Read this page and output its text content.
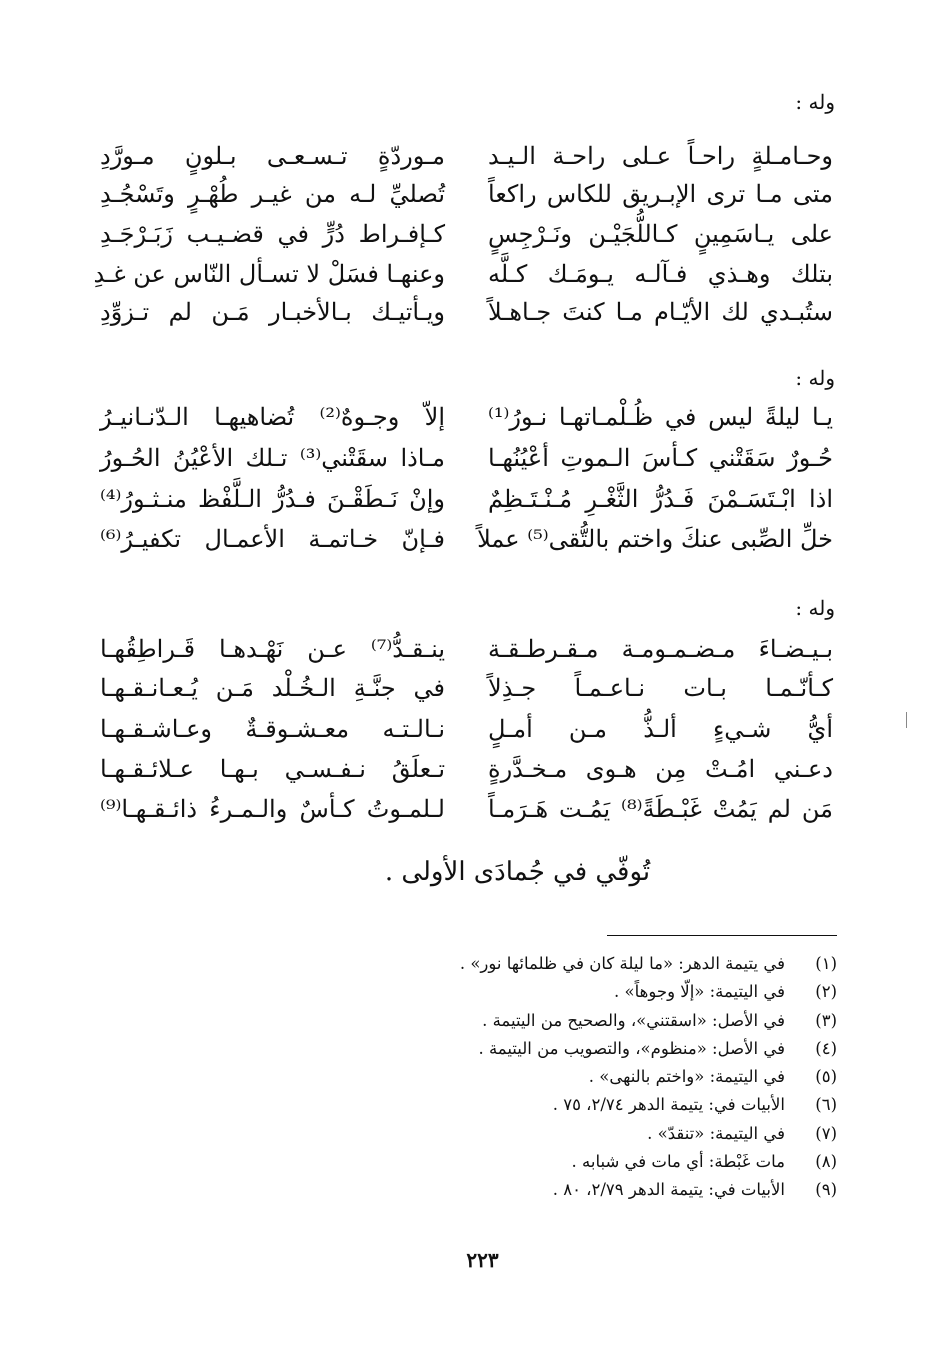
وله :
وحـامـلةٍ راحـاً عـلى راحـة الـيـد
مـوردّةٍ تـسـعـى بـلونٍ مـورَّدِ
متى مـا ترى الإبـريق للكاس راكعاً
تُصليِّ لـه من غيـر طُهْـرٍ وتَسْجُـدِ
على يـاسَمِينٍ كـاللُّجَيْـن ونَـرْجِسٍ
كـإفـراط دُرٍّ في قضـيـب زَبَـرْجَـدِ
بتلك وهـذي فـآلـه يـومَـك كـلَّه
وعنهـا فسَلْ لا تسـأل النّاس عن غـدِ
ستُبـدي لك الأيّـام مـا كنتَ جـاهـلاً
ويـأتيـك بـالأخبـار مَـن لم تـزوِّدِ
وله :
يـا ليلةً ليس في ظُـلْمـاتهـا نـورُ⁽¹⁾
إلاّ وجـوهٌ⁽²⁾ تُضاهيهـا الـدّنـانيـرُ
حُـورٌ سَقَتْني كـأسَ الـموتِ أعْيُنُهـا
مـاذا سقَتْني⁽³⁾ تـلك الأعْيُنُ الحُـورُ
اذا ابْـتَسَـمْنَ فَـدُرُّ الثَّغْـرِ مُـنْـتَـظِمٌ
وإنْ نَـطَقْـنَ فـدُرُّ الـلَّفْظ منـثـورُ⁽⁴⁾
خلِّ الصِّبى عنكَ واختم بالتُّقى⁽⁵⁾ عملاً
فـإنّ خـاتمـة الأعمـال تكفيـرُ⁽⁶⁾
وله :
بـيـضـاءَ مـضـمـومـة مـقـرطـقـة
ينـقـدُّ⁽⁷⁾ عـن نَهْـدهـا قَـراطِقُهـا
كـأنّـمـا بـات نـاعـمـاً جـذِلاً
في جنَّـةِ الـخُـلْد مَـن يُـعـانـقـهـا
أيُّ شـيءٍ ألـذُّ مـن أمـلٍ
نـالـتـه معـشـوقـةٌ وعـاشـقـهـا
دعـني امُـتْ مِن هـوى مـخـدَّرةٍ
تـعلَقُ نـفـسـي بـهـا عـلائـقـهـا
مَن لم يَمُتْ غَبْـطَةً⁽⁸⁾ يَمُـت هَـرَمـاً
لـلمـوتُ كـأسٌ والـمـرءُ ذائـقـهـا⁽⁹⁾
تُوفّي في جُمادَى الأولى .
(١)
في يتيمة الدهر: «ما ليلة كان في ظلمائها نور» .
(٢)
في اليتيمة: «إلّا وجوهاً» .
(٣)
في الأصل: «اسقتني»، والصحيح من اليتيمة .
(٤)
في الأصل: «منظوم»، والتصويب من اليتيمة .
(٥)
في اليتيمة: «واختم بالنهى» .
(٦)
الأبيات في: يتيمة الدهر ٢/٧٤، ٧٥ .
(٧)
في اليتيمة: «تنقدّ» .
(٨)
مات غَبْطة: أي مات في شبابه .
(٩)
الأبيات في: يتيمة الدهر ٢/٧٩، ٨٠ .
٢٢٣
